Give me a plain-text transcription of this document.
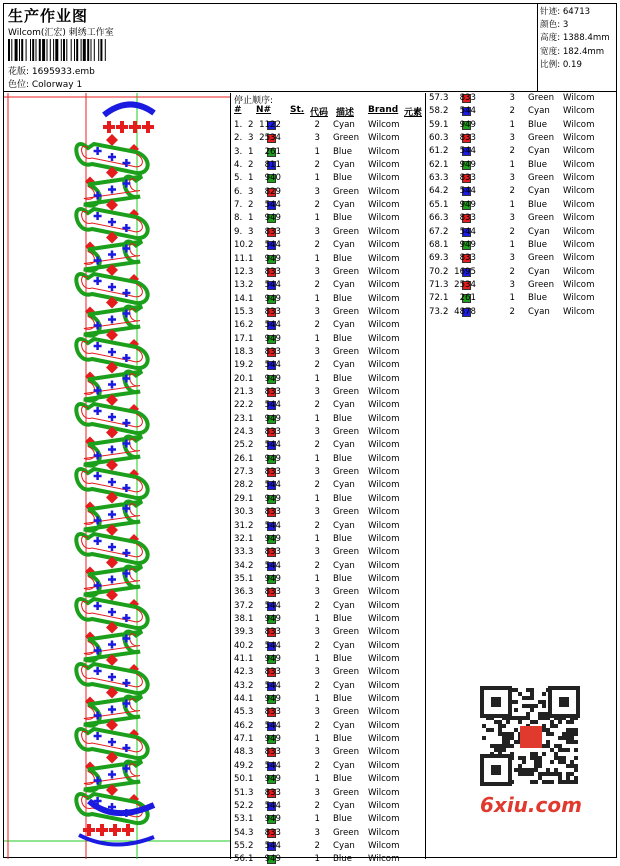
生产作业图
Wilcom(汇宏) 刺绣工作室
花版: 1695933.emb
色位: Colorway 1
针迹: 64713
颜色: 3
高度: 1388.4mm
宽度: 182.4mm
比例: 0.19
停止顺序:
# N# St. 代码 描述 Brand 元素
1. 2 1122	2 Cyan Wilcom
2. 3 2534	3 Green Wilcom
3. 1 261	1 Blue Wilcom
4. 2 811	2 Cyan Wilcom
5. 1 940	1 Blue Wilcom
6. 3 829	3 Green Wilcom
7. 2 544	2 Cyan Wilcom
8. 1 949	1 Blue Wilcom
9. 3 833	3 Green Wilcom
10. 2 544	2 Cyan Wilcom
11. 1 949	1 Blue Wilcom
12. 3 833	3 Green Wilcom
13. 2 544	2 Cyan Wilcom
14. 1 949	1 Blue Wilcom
15. 3 833	3 Green Wilcom
16. 2 544	2 Cyan Wilcom
17. 1 949	1 Blue Wilcom
18. 3 833	3 Green Wilcom
19. 2 544	2 Cyan Wilcom
20. 1 949	1 Blue Wilcom
21. 3 833	3 Green Wilcom
22. 2 544	2 Cyan Wilcom
23. 1 949	1 Blue Wilcom
24. 3 833	3 Green Wilcom
25. 2 544	2 Cyan Wilcom
26. 1 949	1 Blue Wilcom
27. 3 833	3 Green Wilcom
28. 2 544	2 Cyan Wilcom
29. 1 949	1 Blue Wilcom
30. 3 833	3 Green Wilcom
31. 2 544	2 Cyan Wilcom
32. 1 949	1 Blue Wilcom
33. 3 833	3 Green Wilcom
34. 2 544	2 Cyan Wilcom
35. 1 949	1 Blue Wilcom
36. 3 833	3 Green Wilcom
37. 2 544	2 Cyan Wilcom
38. 1 949	1 Blue Wilcom
39. 3 833	3 Green Wilcom
40. 2 544	2 Cyan Wilcom
41. 1 949	1 Blue Wilcom
42. 3 833	3 Green Wilcom
43. 2 544	2 Cyan Wilcom
44. 1 949	1 Blue Wilcom
45. 3 833	3 Green Wilcom
46. 2 544	2 Cyan Wilcom
47. 1 949	1 Blue Wilcom
48. 3 833	3 Green Wilcom
49. 2 544	2 Cyan Wilcom
50. 1 949	1 Blue Wilcom
51. 3 833	3 Green Wilcom
52. 2 544	2 Cyan Wilcom
53. 1 949	1 Blue Wilcom
54. 3 833	3 Green Wilcom
55. 2 544	2 Cyan Wilcom
56. 1 949	1 Blue Wilcom
57. 3 833	3 Green Wilcom
58. 2 544	2 Cyan Wilcom
59. 1 949	1 Blue Wilcom
60. 3 833	3 Green Wilcom
61. 2 544	2 Cyan Wilcom
62. 1 949	1 Blue Wilcom
63. 3 833	3 Green Wilcom
64. 2 544	2 Cyan Wilcom
65. 1 949	1 Blue Wilcom
66. 3 833	3 Green Wilcom
67. 2 544	2 Cyan Wilcom
68. 1 949	1 Blue Wilcom
69. 3 833	3 Green Wilcom
70. 2 1695	2 Cyan Wilcom
71. 3 2534	3 Green Wilcom
72. 1 261	1 Blue Wilcom
73. 2 4878	2 Cyan Wilcom
6xiu.com
